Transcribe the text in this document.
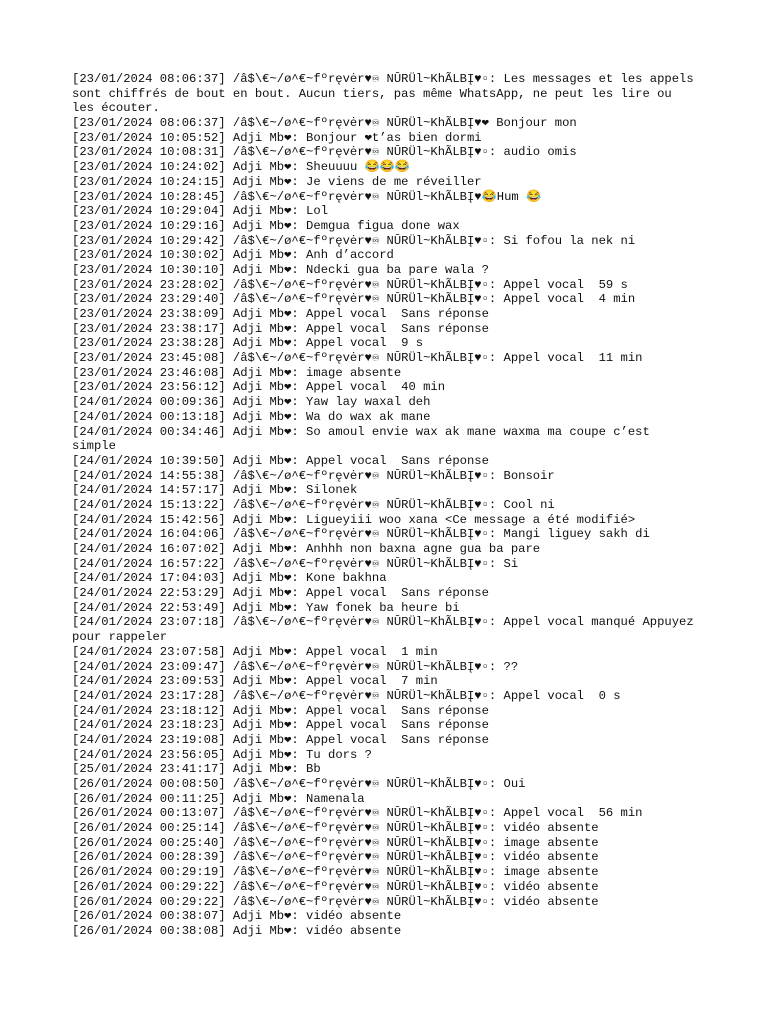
[23/01/2024 08:06:37] /â$\€~/ø^€~fºręvėr♥♾ NŪRÜl~KhÃLBĮ♥▫: Les messages et les appels sont chiffrés de bout en bout. Aucun tiers, pas même WhatsApp, ne peut les lire ou les écouter.

[23/01/2024 08:06:37] /â$\€~/ø^€~fºręvėr♥♾ NŪRÜl~KhÃLBĮ♥❤ Bonjour mon

[23/01/2024 10:05:52] Adji Mb❤: Bonjour ❤t’as bien dormi

[23/01/2024 10:08:31] /â$\€~/ø^€~fºręvėr♥♾ NŪRÜl~KhÃLBĮ♥▫: audio omis

[23/01/2024 10:24:02] Adji Mb❤: Sheuuuu 😂😂😂

[23/01/2024 10:24:15] Adji Mb❤: Je viens de me réveiller

[23/01/2024 10:28:45] /â$\€~/ø^€~fºręvėr♥♾ NŪRÜl~KhÃLBĮ♥😂Hum 😂

[23/01/2024 10:29:04] Adji Mb❤: Lol

[23/01/2024 10:29:16] Adji Mb❤: Demgua figua done wax

[23/01/2024 10:29:42] /â$\€~/ø^€~fºręvėr♥♾ NŪRÜl~KhÃLBĮ♥▫: Si fofou la nek ni

[23/01/2024 10:30:02] Adji Mb❤: Anh d’accord

[23/01/2024 10:30:10] Adji Mb❤: Ndecki gua ba pare wala ?

[23/01/2024 23:28:02] /â$\€~/ø^€~fºręvėr♥♾ NŪRÜl~KhÃLBĮ♥▫: Appel vocal  59 s

[23/01/2024 23:29:40] /â$\€~/ø^€~fºręvėr♥♾ NŪRÜl~KhÃLBĮ♥▫: Appel vocal  4 min

[23/01/2024 23:38:09] Adji Mb❤: Appel vocal  Sans réponse

[23/01/2024 23:38:17] Adji Mb❤: Appel vocal  Sans réponse

[23/01/2024 23:38:28] Adji Mb❤: Appel vocal  9 s

[23/01/2024 23:45:08] /â$\€~/ø^€~fºręvėr♥♾ NŪRÜl~KhÃLBĮ♥▫: Appel vocal  11 min

[23/01/2024 23:46:08] Adji Mb❤: image absente

[23/01/2024 23:56:12] Adji Mb❤: Appel vocal  40 min

[24/01/2024 00:09:36] Adji Mb❤: Yaw lay waxal deh

[24/01/2024 00:13:18] Adji Mb❤: Wa do wax ak mane

[24/01/2024 00:34:46] Adji Mb❤: So amoul envie wax ak mane waxma ma coupe c’est simple

[24/01/2024 10:39:50] Adji Mb❤: Appel vocal  Sans réponse

[24/01/2024 14:55:38] /â$\€~/ø^€~fºręvėr♥♾ NŪRÜl~KhÃLBĮ♥▫: Bonsoir

[24/01/2024 14:57:17] Adji Mb❤: Silonek

[24/01/2024 15:13:22] /â$\€~/ø^€~fºręvėr♥♾ NŪRÜl~KhÃLBĮ♥▫: Cool ni

[24/01/2024 15:42:56] Adji Mb❤: Ligueyiii woo xana <Ce message a été modifié>

[24/01/2024 16:04:06] /â$\€~/ø^€~fºręvėr♥♾ NŪRÜl~KhÃLBĮ♥▫: Mangi liguey sakh di

[24/01/2024 16:07:02] Adji Mb❤: Anhhh non baxna agne gua ba pare

[24/01/2024 16:57:22] /â$\€~/ø^€~fºręvėr♥♾ NŪRÜl~KhÃLBĮ♥▫: Si

[24/01/2024 17:04:03] Adji Mb❤: Kone bakhna

[24/01/2024 22:53:29] Adji Mb❤: Appel vocal  Sans réponse

[24/01/2024 22:53:49] Adji Mb❤: Yaw fonek ba heure bi

[24/01/2024 23:07:18] /â$\€~/ø^€~fºręvėr♥♾ NŪRÜl~KhÃLBĮ♥▫: Appel vocal manqué Appuyez pour rappeler

[24/01/2024 23:07:58] Adji Mb❤: Appel vocal  1 min

[24/01/2024 23:09:47] /â$\€~/ø^€~fºręvėr♥♾ NŪRÜl~KhÃLBĮ♥▫: ??

[24/01/2024 23:09:53] Adji Mb❤: Appel vocal  7 min

[24/01/2024 23:17:28] /â$\€~/ø^€~fºręvėr♥♾ NŪRÜl~KhÃLBĮ♥▫: Appel vocal  0 s

[24/01/2024 23:18:12] Adji Mb❤: Appel vocal  Sans réponse

[24/01/2024 23:18:23] Adji Mb❤: Appel vocal  Sans réponse

[24/01/2024 23:19:08] Adji Mb❤: Appel vocal  Sans réponse

[24/01/2024 23:56:05] Adji Mb❤: Tu dors ?

[25/01/2024 23:41:17] Adji Mb❤: Bb

[26/01/2024 00:08:50] /â$\€~/ø^€~fºręvėr♥♾ NŪRÜl~KhÃLBĮ♥▫: Oui

[26/01/2024 00:11:25] Adji Mb❤: Namenala

[26/01/2024 00:13:07] /â$\€~/ø^€~fºręvėr♥♾ NŪRÜl~KhÃLBĮ♥▫: Appel vocal  56 min

[26/01/2024 00:25:14] /â$\€~/ø^€~fºręvėr♥♾ NŪRÜl~KhÃLBĮ♥▫: vidéo absente

[26/01/2024 00:25:40] /â$\€~/ø^€~fºręvėr♥♾ NŪRÜl~KhÃLBĮ♥▫: image absente

[26/01/2024 00:28:39] /â$\€~/ø^€~fºręvėr♥♾ NŪRÜl~KhÃLBĮ♥▫: vidéo absente

[26/01/2024 00:29:19] /â$\€~/ø^€~fºręvėr♥♾ NŪRÜl~KhÃLBĮ♥▫: image absente

[26/01/2024 00:29:22] /â$\€~/ø^€~fºręvėr♥♾ NŪRÜl~KhÃLBĮ♥▫: vidéo absente

[26/01/2024 00:29:22] /â$\€~/ø^€~fºręvėr♥♾ NŪRÜl~KhÃLBĮ♥▫: vidéo absente

[26/01/2024 00:38:07] Adji Mb❤: vidéo absente

[26/01/2024 00:38:08] Adji Mb❤: vidéo absente
